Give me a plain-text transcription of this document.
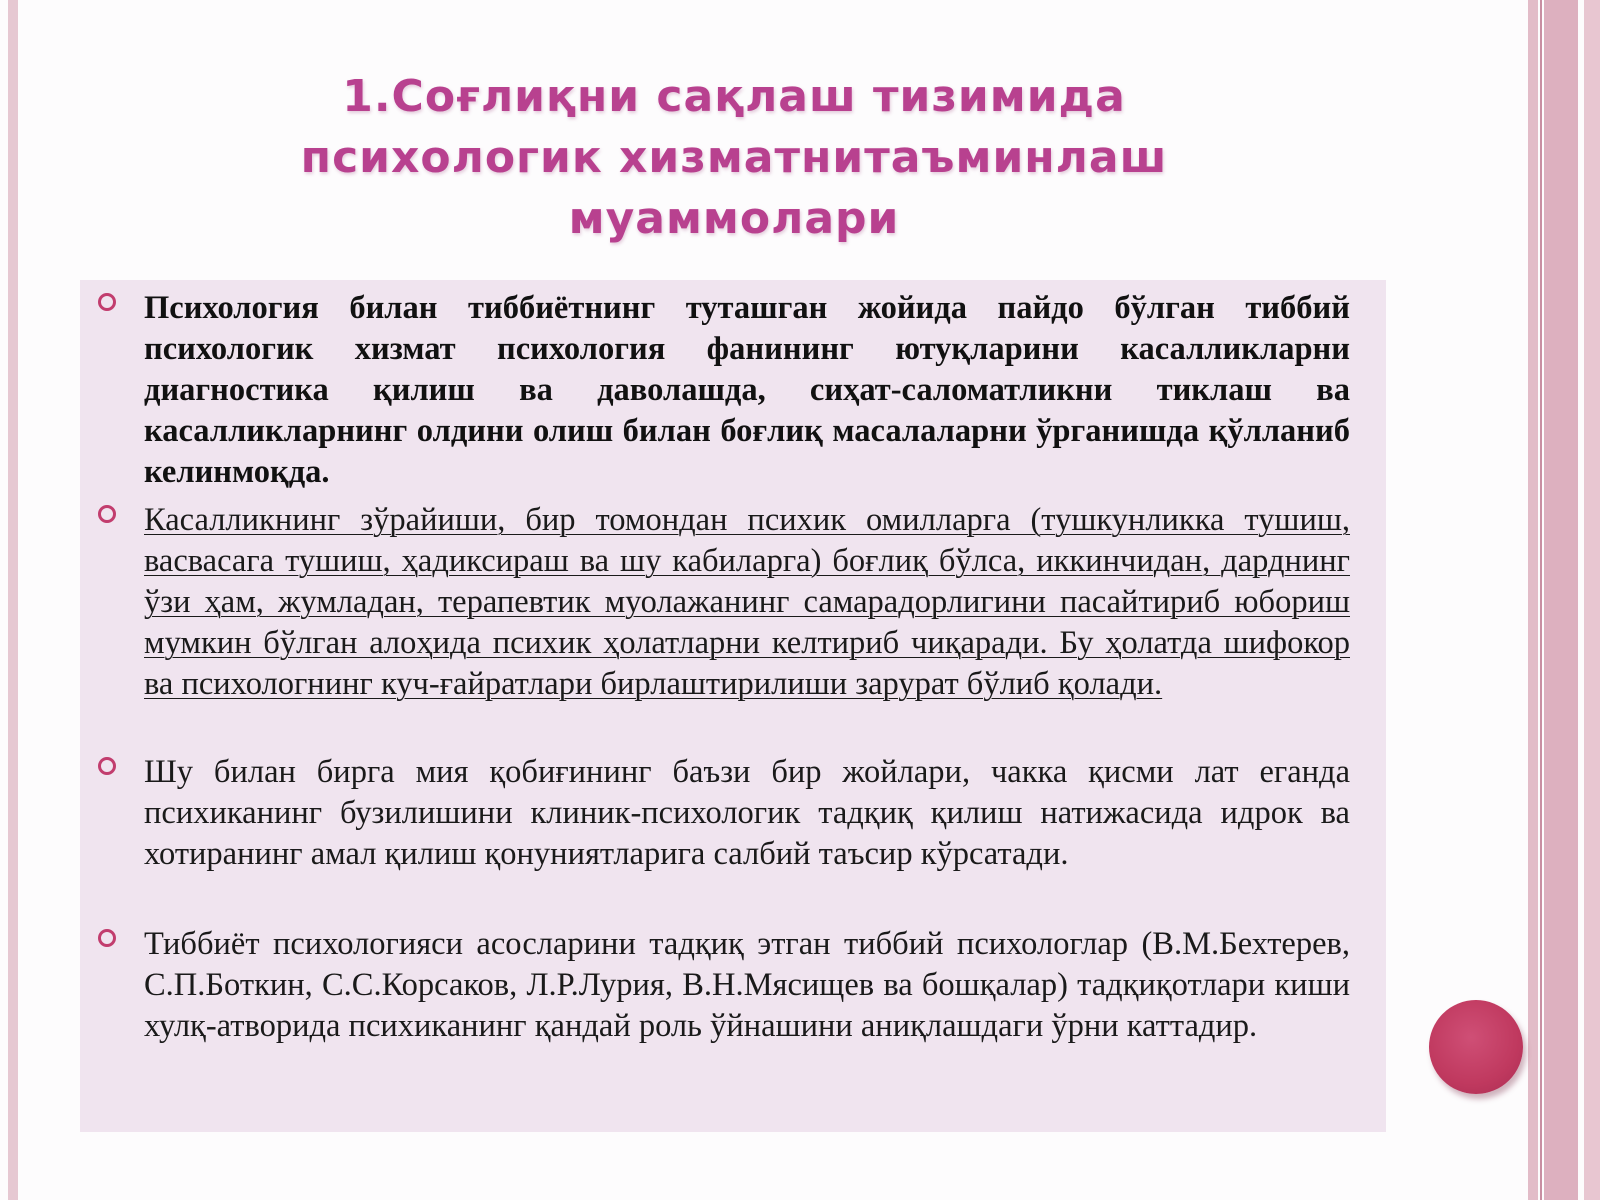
1.Соғлиқни сақлаш тизимида
психологик хизматнитаъминлаш
муаммолари
Психология билан тиббиётнинг туташган жойида пайдо бўлган тиббий психологик хизмат психология фанининг ютуқларини касалликларни диагностика қилиш ва даволашда, сиҳат-саломатликни тиклаш ва касалликларнинг олдини олиш билан боғлиқ масалаларни ўрганишда қўлланиб келинмоқда.
Касалликнинг зўрайиши, бир томондан психик омилларга (тушкунликка тушиш, васвасага тушиш, ҳадиксираш ва шу кабиларга) боғлиқ бўлса, иккинчидан, дарднинг ўзи ҳам, жумладан, терапевтик муолажанинг самарадорлигини пасайтириб юбориш мумкин бўлган алоҳида психик ҳолатларни келтириб чиқаради. Бу ҳолатда шифокор ва психологнинг куч-ғайратлари бирлаштирилиши зарурат бўлиб қолади.
Шу билан бирга мия қобиғининг баъзи бир жойлари, чакка қисми лат еганда психиканинг бузилишини клиник-психологик тадқиқ қилиш натижасида идрок ва хотиранинг амал қилиш қонуниятларига салбий таъсир кўрсатади.
Тиббиёт психологияси асосларини тадқиқ этган тиббий психологлар (В.М.Бехтерев, С.П.Боткин, С.С.Корсаков, Л.Р.Лурия, В.Н.Мясищев ва бошқалар) тадқиқотлари киши хулқ-атворида психиканинг қандай роль ўйнашини аниқлашдаги ўрни каттадир.
